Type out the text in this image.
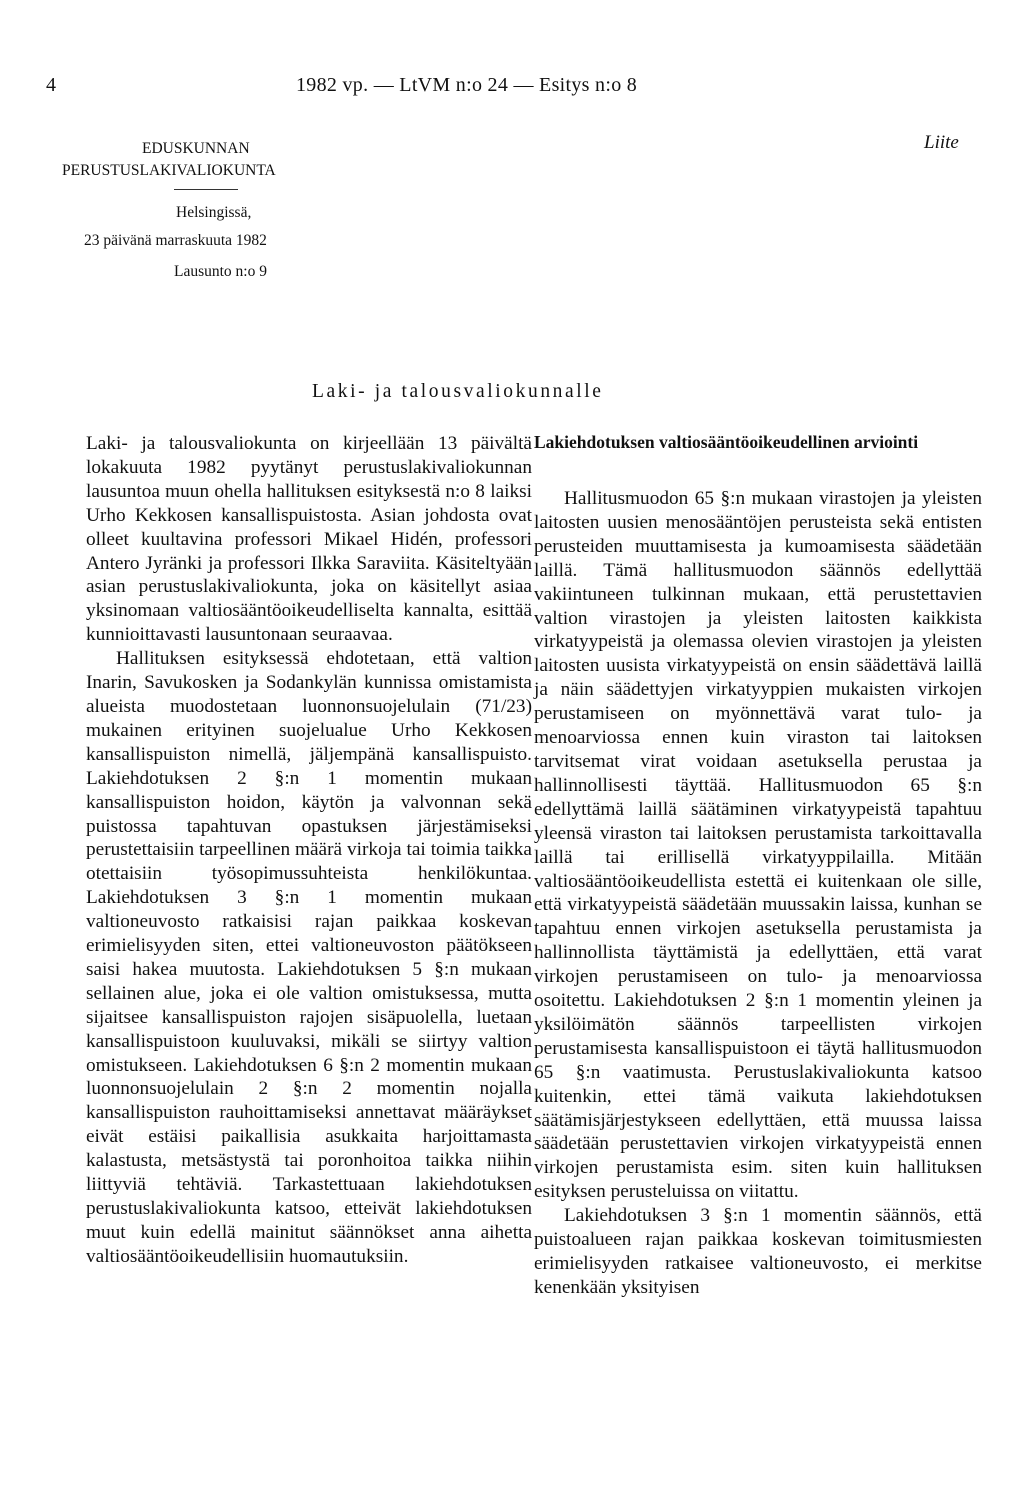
4	1982 vp. — LtVM n:o 24 — Esitys n:o 8
Liite
EDUSKUNNAN
PERUSTUSLAKIVALIOKUNTA
Helsingissä,
23 päivänä marraskuuta 1982
Lausunto n:o 9
Laki- ja talousvaliokunnalle

Laki- ja talousvaliokunta on kirjeellään 13 päivältä lokakuuta 1982 pyytänyt perustuslakivaliokunnan lausuntoa muun ohella hallituksen esityksestä n:o 8 laiksi Urho Kekkosen kansallispuistosta. Asian johdosta ovat olleet kuultavina professori Mikael Hidén, professori Antero Jyränki ja professori Ilkka Saraviita. Käsiteltyään asian perustuslakivaliokunta, joka on käsitellyt asiaa yksinomaan valtiosääntöoikeudelliselta kannalta, esittää kunnioittavasti lausuntonaan seuraavaa.

Hallituksen esityksessä ehdotetaan, että valtion Inarin, Savukosken ja Sodankylän kunnissa omistamista alueista muodostetaan luonnonsuojelulain (71/23) mukainen erityinen suojelualue Urho Kekkosen kansallispuiston nimellä, jäljempänä kansallispuisto. Lakiehdotuksen 2 §:n 1 momentin mukaan kansallispuiston hoidon, käytön ja valvonnan sekä puistossa tapahtuvan opastuksen järjestämiseksi perustettaisiin tarpeellinen määrä virkoja tai toimia taikka otettaisiin työsopimussuhteista henkilökuntaa. Lakiehdotuksen 3 §:n 1 momentin mukaan valtioneuvosto ratkaisisi rajan paikkaa koskevan erimielisyyden siten, ettei valtioneuvoston päätökseen saisi hakea muutosta. Lakiehdotuksen 5 §:n mukaan sellainen alue, joka ei ole valtion omistuksessa, mutta sijaitsee kansallispuiston rajojen sisäpuolella, luetaan kansallispuistoon kuuluvaksi, mikäli se siirtyy valtion omistukseen. Lakiehdotuksen 6 §:n 2 momentin mukaan luonnonsuojelulain 2 §:n 2 momentin nojalla kansallispuiston rauhoittamiseksi annettavat määräykset eivät estäisi paikallisia asukkaita harjoittamasta kalastusta, metsästystä tai poronhoitoa taikka niihin liittyviä tehtäviä. Tarkastettuaan lakiehdotuksen perustuslakivaliokunta katsoo, etteivät lakiehdotuksen muut kuin edellä mainitut säännökset anna aihetta valtiosääntöoikeudellisiin huomautuksiin.

Lakiehdotuksen valtiosääntöoikeudellinen arviointi

Hallitusmuodon 65 §:n mukaan virastojen ja yleisten laitosten uusien menosääntöjen perusteista sekä entisten perusteiden muuttamisesta ja kumoamisesta säädetään laillä. Tämä hallitusmuodon säännös edellyttää vakiintuneen tulkinnan mukaan, että perustettavien valtion virastojen ja yleisten laitosten kaikkista virkatyypeistä ja olemassa olevien virastojen ja yleisten laitosten uusista virkatyypeistä on ensin säädettävä laillä ja näin säädettyjen virkatyyppien mukaisten virkojen perustamiseen on myönnettävä varat tulo- ja menoarviossa ennen kuin viraston tai laitoksen tarvitsemat virat voidaan asetuksella perustaa ja hallinnollisesti täyttää. Hallitusmuodon 65 §:n edellyttämä laillä säätäminen virkatyypeistä tapahtuu yleensä viraston tai laitoksen perustamista tarkoittavalla laillä tai erillisellä virkatyyppilailla. Mitään valtiosääntöoikeudellista estettä ei kuitenkaan ole sille, että virkatyypeistä säädetään muussakin laissa, kunhan se tapahtuu ennen virkojen asetuksella perustamista ja hallinnollista täyttämistä ja edellyttäen, että varat virkojen perustamiseen on tulo- ja menoarviossa osoitettu. Lakiehdotuksen 2 §:n 1 momentin yleinen ja yksilöimätön säännös tarpeellisten virkojen perustamisesta kansallispuistoon ei täytä hallitusmuodon 65 §:n vaatimusta. Perustuslakivaliokunta katsoo kuitenkin, ettei tämä vaikuta lakiehdotuksen säätämisjärjestykseen edellyttäen, että muussa laissa säädetään perustettavien virkojen virkatyypeistä ennen virkojen perustamista esim. siten kuin hallituksen esityksen perusteluissa on viitattu.

Lakiehdotuksen 3 §:n 1 momentin säännös, että puistoalueen rajan paikkaa koskevan toimitusmiesten erimielisyyden ratkaisee valtioneuvosto, ei merkitse kenenkään yksityisen
